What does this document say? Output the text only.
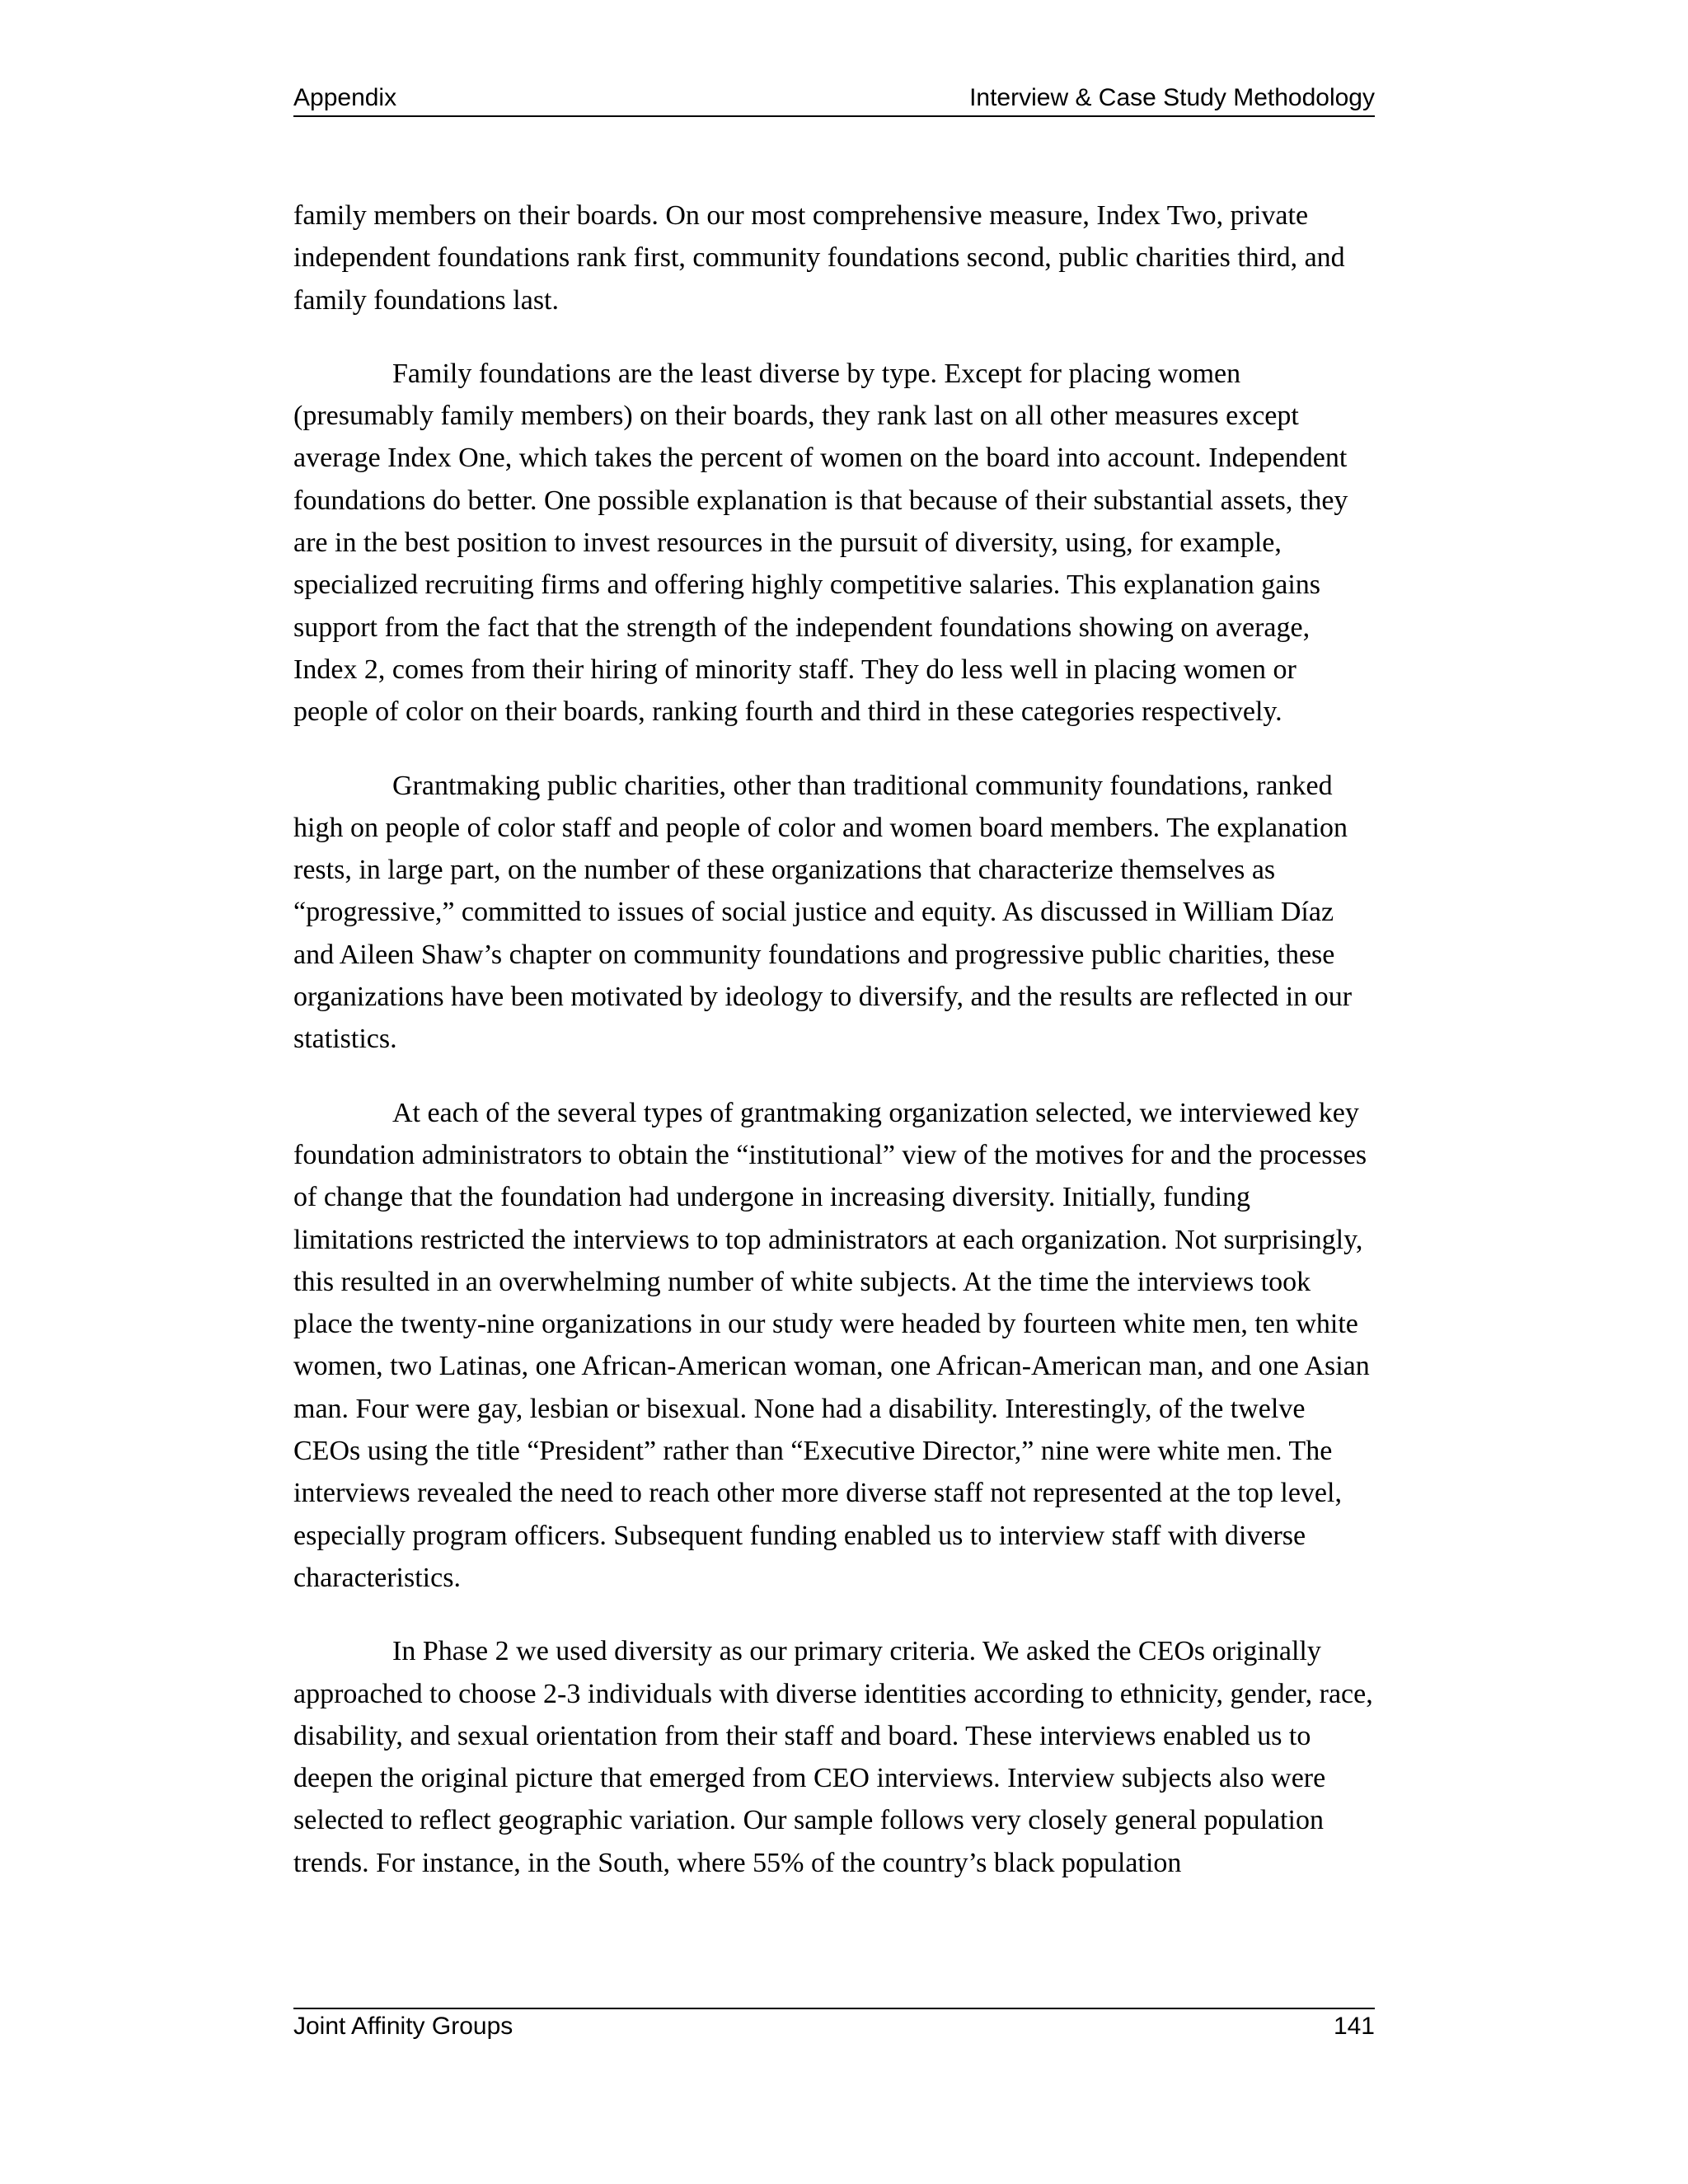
Appendix	Interview & Case Study Methodology

family members on their boards. On our most comprehensive measure, Index Two, private independent foundations rank first, community foundations second, public charities third, and family foundations last.

Family foundations are the least diverse by type. Except for placing women (presumably family members) on their boards, they rank last on all other measures except average Index One, which takes the percent of women on the board into account. Independent foundations do better. One possible explanation is that because of their substantial assets, they are in the best position to invest resources in the pursuit of diversity, using, for example, specialized recruiting firms and offering highly competitive salaries. This explanation gains support from the fact that the strength of the independent foundations showing on average, Index 2, comes from their hiring of minority staff. They do less well in placing women or people of color on their boards, ranking fourth and third in these categories respectively.

Grantmaking public charities, other than traditional community foundations, ranked high on people of color staff and people of color and women board members. The explanation rests, in large part, on the number of these organizations that characterize themselves as “progressive,” committed to issues of social justice and equity. As discussed in William Díaz and Aileen Shaw’s chapter on community foundations and progressive public charities, these organizations have been motivated by ideology to diversify, and the results are reflected in our statistics.

At each of the several types of grantmaking organization selected, we interviewed key foundation administrators to obtain the “institutional” view of the motives for and the processes of change that the foundation had undergone in increasing diversity. Initially, funding limitations restricted the interviews to top administrators at each organization. Not surprisingly, this resulted in an overwhelming number of white subjects. At the time the interviews took place the twenty-nine organizations in our study were headed by fourteen white men, ten white women, two Latinas, one African-American woman, one African-American man, and one Asian man. Four were gay, lesbian or bisexual. None had a disability. Interestingly, of the twelve CEOs using the title “President” rather than “Executive Director,” nine were white men. The interviews revealed the need to reach other more diverse staff not represented at the top level, especially program officers. Subsequent funding enabled us to interview staff with diverse characteristics.

In Phase 2 we used diversity as our primary criteria. We asked the CEOs originally approached to choose 2-3 individuals with diverse identities according to ethnicity, gender, race, disability, and sexual orientation from their staff and board. These interviews enabled us to deepen the original picture that emerged from CEO interviews. Interview subjects also were selected to reflect geographic variation. Our sample follows very closely general population trends. For instance, in the South, where 55% of the country’s black population

Joint Affinity Groups	141
